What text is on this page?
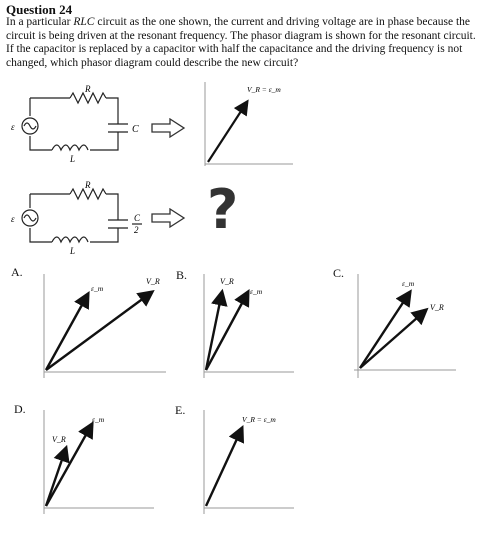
Question 24
In a particular RLC circuit as the one shown, the current and driving voltage are in phase because the circuit is being driven at the resonant frequency. The phasor diagram is shown for the resonant circuit. If the capacitor is replaced by a capacitor with half the capacitance and the driving frequency is not changed, which phasor diagram could describe the new circuit?
ε
R
L
C
ε
R
L
C
2
V_R = ε_m
?
A.	B.	C.
D.	E.
ε_m
V_R	V_R
ε_m
ε_m
V_R
V_R
ε_m	V_R = ε_m
